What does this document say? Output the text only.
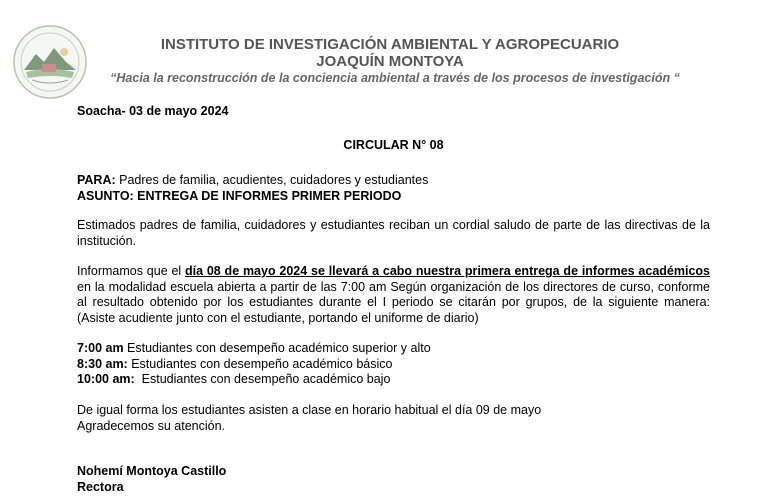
INSTITUTO DE INVESTIGACIÓN AMBIENTAL Y AGROPECUARIO
JOAQUÍN MONTOYA
“Hacia la reconstrucción de la conciencia ambiental a través de los procesos de investigación “
Soacha- 03 de mayo 2024
CIRCULAR N° 08
PARA: Padres de familia, acudientes, cuidadores y estudiantes
ASUNTO: ENTREGA DE INFORMES PRIMER PERIODO
Estimados padres de familia, cuidadores y estudiantes reciban un cordial saludo de parte de las directivas de la institución.
Informamos que el día 08 de mayo 2024 se llevará a cabo nuestra primera entrega de informes académicos en la modalidad escuela abierta a partir de las 7:00 am Según organización de los directores de curso, conforme al resultado obtenido por los estudiantes durante el I periodo se citarán por grupos, de la siguiente manera: (Asiste acudiente junto con el estudiante, portando el uniforme de diario)
7:00 am Estudiantes con desempeño académico superior y alto
8:30 am: Estudiantes con desempeño académico básico
10:00 am:  Estudiantes con desempeño académico bajo
De igual forma los estudiantes asisten a clase en horario habitual el día 09 de mayo
Agradecemos su atención.
Nohemí Montoya Castillo
Rectora
